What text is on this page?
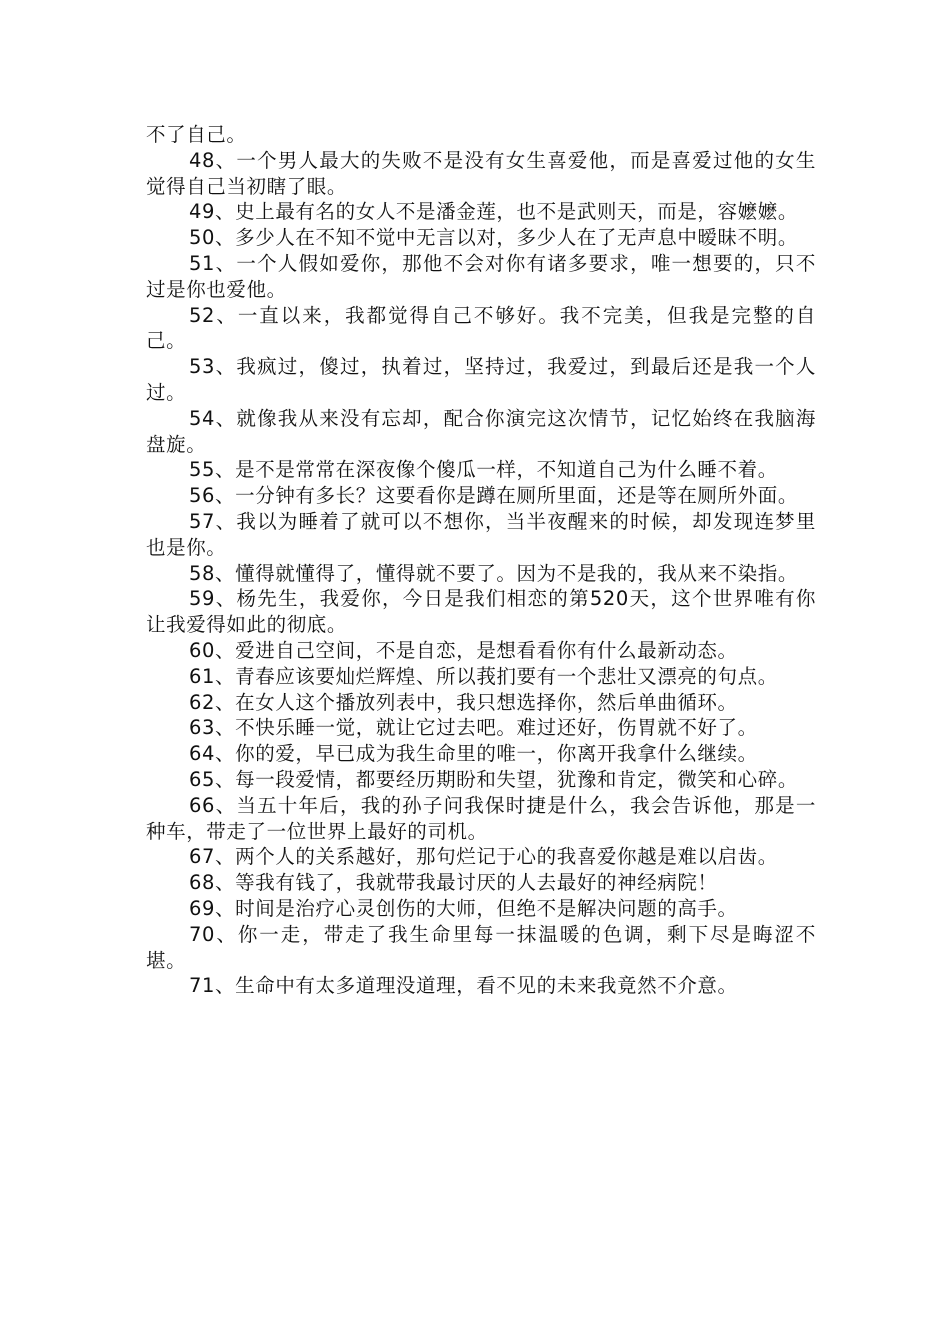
不了自己。

48、一个男人最大的失败不是没有女生喜爱他，而是喜爱过他的女生觉得自己当初瞎了眼。

49、史上最有名的女人不是潘金莲，也不是武则天，而是，容嬷嬷。

50、多少人在不知不觉中无言以对，多少人在了无声息中暧昧不明。

51、一个人假如爱你，那他不会对你有诸多要求，唯一想要的，只不过是你也爱他。

52、一直以来，我都觉得自己不够好。我不完美，但我是完整的自己。

53、我疯过，傻过，执着过，坚持过，我爱过，到最后还是我一个人过。

54、就像我从来没有忘却，配合你演完这次情节，记忆始终在我脑海盘旋。

55、是不是常常在深夜像个傻瓜一样，不知道自己为什么睡不着。

56、一分钟有多长？这要看你是蹲在厕所里面，还是等在厕所外面。

57、我以为睡着了就可以不想你，当半夜醒来的时候，却发现连梦里也是你。

58、懂得就懂得了，懂得就不要了。因为不是我的，我从来不染指。

59、杨先生，我爱你，今日是我们相恋的第520天，这个世界唯有你让我爱得如此的彻底。

60、爱进自己空间，不是自恋，是想看看你有什么最新动态。

61、青春应该要灿烂辉煌、所以莪扪要有一个悲壮又漂亮的句点。

62、在女人这个播放列表中，我只想选择你，然后单曲循环。

63、不快乐睡一觉，就让它过去吧。难过还好，伤胃就不好了。

64、你的爱，早已成为我生命里的唯一，你离开我拿什么继续。

65、每一段爱情，都要经历期盼和失望，犹豫和肯定，微笑和心碎。

66、当五十年后，我的孙子问我保时捷是什么，我会告诉他，那是一种车，带走了一位世界上最好的司机。

67、两个人的关系越好，那句烂记于心的我喜爱你越是难以启齿。

68、等我有钱了，我就带我最讨厌的人去最好的神经病院！

69、时间是治疗心灵创伤的大师，但绝不是解决问题的高手。

70、你一走，带走了我生命里每一抹温暖的色调，剩下尽是晦涩不堪。

71、生命中有太多道理没道理，看不见的未来我竟然不介意。
